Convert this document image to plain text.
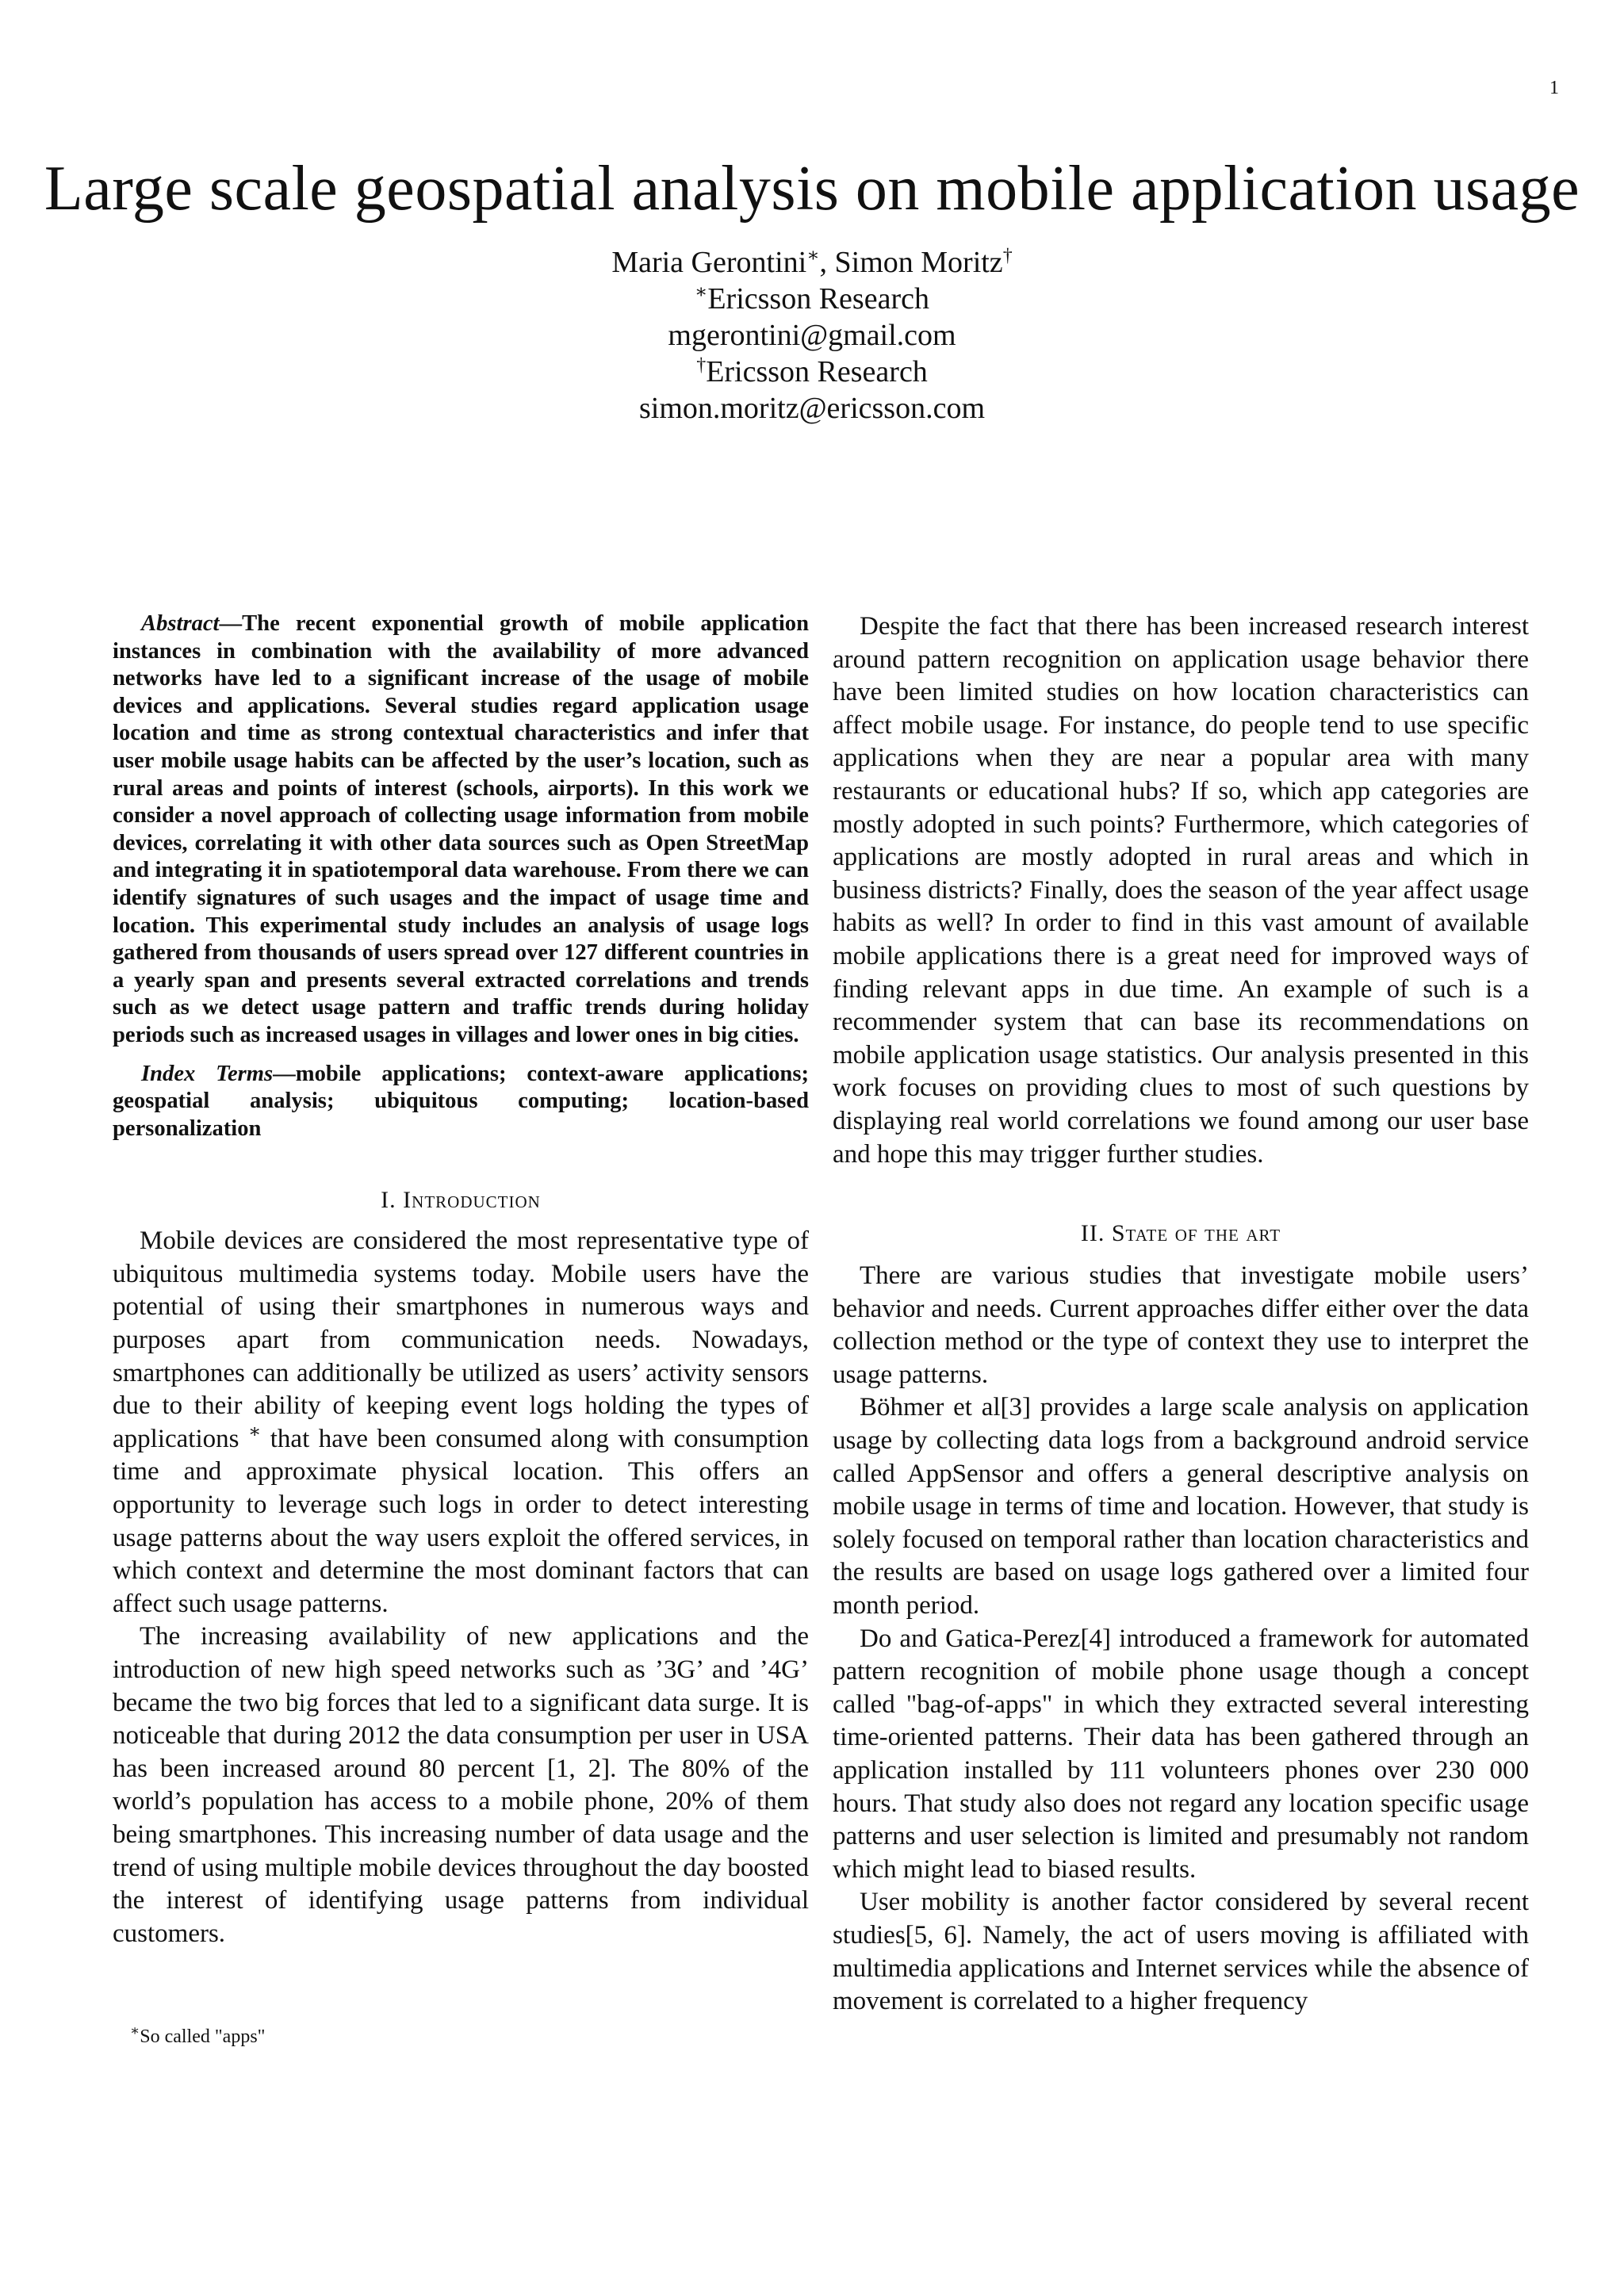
1
Large scale geospatial analysis on mobile application usage
Maria Gerontini∗, Simon Moritz†
∗Ericsson Research
mgerontini@gmail.com
†Ericsson Research
simon.moritz@ericsson.com

Abstract—The recent exponential growth of mobile application instances in combination with the availability of more advanced networks have led to a significant increase of the usage of mobile devices and applications. Several studies regard application usage location and time as strong contextual characteristics and infer that user mobile usage habits can be affected by the user’s location, such as rural areas and points of interest (schools, airports). In this work we consider a novel approach of collecting usage information from mobile devices, correlating it with other data sources such as Open StreetMap and integrating it in spatiotemporal data warehouse. From there we can identify signatures of such usages and the impact of usage time and location. This experimental study includes an analysis of usage logs gathered from thousands of users spread over 127 different countries in a yearly span and presents several extracted correlations and trends such as we detect usage pattern and traffic trends during holiday periods such as increased usages in villages and lower ones in big cities.

Index Terms—mobile applications; context-aware applications; geospatial analysis; ubiquitous computing; location-based personalization

I. Introduction

Mobile devices are considered the most representative type of ubiquitous multimedia systems today. Mobile users have the potential of using their smartphones in numerous ways and purposes apart from communication needs. Nowadays, smartphones can additionally be utilized as users’ activity sensors due to their ability of keeping event logs holding the types of applications ∗ that have been consumed along with consumption time and approximate physical location. This offers an opportunity to leverage such logs in order to detect interesting usage patterns about the way users exploit the offered services, in which context and determine the most dominant factors that can affect such usage patterns.

The increasing availability of new applications and the introduction of new high speed networks such as ’3G’ and ’4G’ became the two big forces that led to a significant data surge. It is noticeable that during 2012 the data consumption per user in USA has been increased around 80 percent [1, 2]. The 80% of the world’s population has access to a mobile phone, 20% of them being smartphones. This increasing number of data usage and the trend of using multiple mobile devices throughout the day boosted the interest of identifying usage patterns from individual customers.

∗So called "apps"

Despite the fact that there has been increased research interest around pattern recognition on application usage behavior there have been limited studies on how location characteristics can affect mobile usage. For instance, do people tend to use specific applications when they are near a popular area with many restaurants or educational hubs? If so, which app categories are mostly adopted in such points? Furthermore, which categories of applications are mostly adopted in rural areas and which in business districts? Finally, does the season of the year affect usage habits as well? In order to find in this vast amount of available mobile applications there is a great need for improved ways of finding relevant apps in due time. An example of such is a recommender system that can base its recommendations on mobile application usage statistics. Our analysis presented in this work focuses on providing clues to most of such questions by displaying real world correlations we found among our user base and hope this may trigger further studies.

II. State of the art

There are various studies that investigate mobile users’ behavior and needs. Current approaches differ either over the data collection method or the type of context they use to interpret the usage patterns.

Böhmer et al[3] provides a large scale analysis on application usage by collecting data logs from a background android service called AppSensor and offers a general descriptive analysis on mobile usage in terms of time and location. However, that study is solely focused on temporal rather than location characteristics and the results are based on usage logs gathered over a limited four month period.

Do and Gatica-Perez[4] introduced a framework for automated pattern recognition of mobile phone usage though a concept called "bag-of-apps" in which they extracted several interesting time-oriented patterns. Their data has been gathered through an application installed by 111 volunteers phones over 230 000 hours. That study also does not regard any location specific usage patterns and user selection is limited and presumably not random which might lead to biased results.

User mobility is another factor considered by several recent studies[5, 6]. Namely, the act of users moving is affiliated with multimedia applications and Internet services while the absence of movement is correlated to a higher frequency
